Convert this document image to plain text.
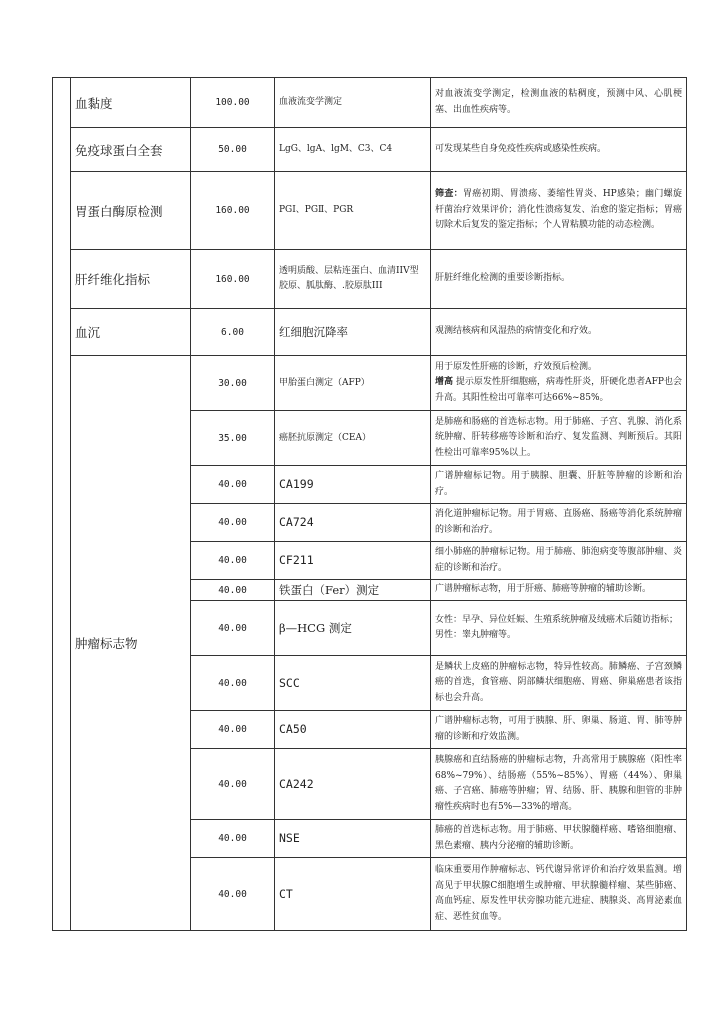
	血黏度	100.00	血液流变学测定	对血液流变学测定，检测血液的粘稠度，预测中风、心肌梗塞、出血性疾病等。
	免疫球蛋白全套	50.00	LgG、lgA、lgM、C3、C4	可发现某些自身免疫性疾病或感染性疾病。
	胃蛋白酶原检测	160.00	PGⅠ、PGⅡ、PGR	筛查：胃癌初期、胃溃疡、萎缩性胃炎、HP感染；幽门螺旋杆菌治疗效果评价；消化性溃疡复发、治愈的鉴定指标；胃癌切除术后复发的鉴定指标；个人胃粘膜功能的动态检测。
	肝纤维化指标	160.00	透明质酸、层粘连蛋白、血清IIV型胶原、胍肽酶、.胶原肽III	肝脏纤维化检测的重要诊断指标。
	血沉	6.00	红细胞沉降率	观测结核病和风湿热的病情变化和疗效。
	肿瘤标志物	30.00	甲胎蛋白测定（AFP）	用于原发性肝癌的诊断，疗效预后检测。
增高 提示原发性肝细胞癌，病毒性肝炎，肝硬化患者AFP也会升高。其阳性检出可靠率可达66%~85%。
		35.00	癌胚抗原测定（CEA）	是肺癌和肠癌的首选标志物。用于肺癌、子宫、乳腺、消化系统肿瘤、肝转移癌等诊断和治疗、复发监测、判断预后。其阳性检出可靠率95%以上。
		40.00	CA199	广谱肿瘤标记物。用于胰腺、胆囊、肝脏等肿瘤的诊断和治疗。
		40.00	CA724	消化道肿瘤标记物。用于胃癌、直肠癌、肠癌等消化系统肿瘤的诊断和治疗。
		40.00	CF211	细小肺癌的肿瘤标记物。用于肺癌、肺泡病变等腹部肿瘤、炎症的诊断和治疗。
		40.00	铁蛋白（Fer）测定	广谱肿瘤标志物，用于肝癌、肺癌等肿瘤的辅助诊断。
		40.00	β—HCG 测定	女性：早孕、异位妊娠、生殖系统肿瘤及绒癌术后随访指标；
男性：睾丸肿瘤等。
		40.00	SCC	是鳞状上皮癌的肿瘤标志物，特异性较高。肺鳞癌、子宫颈鳞癌的首选，食管癌、阴部鳞状细胞癌、胃癌、卵巢癌患者该指标也会升高。
		40.00	CA50	广谱肿瘤标志物，可用于胰腺、肝、卵巢、肠道、胃、肺等肿瘤的诊断和疗效监测。
		40.00	CA242	胰腺癌和直结肠癌的肿瘤标志物，升高常用于胰腺癌（阳性率68%~79%）、结肠癌（55%~85%）、胃癌（44%）、卵巢癌、子宫癌、肺癌等肿瘤；胃、结肠、肝、胰腺和胆管的非肿瘤性疾病时也有5%—33%的增高。
		40.00	NSE	肺癌的首选标志物。用于肺癌、甲状腺髓样癌、嗜铬细胞瘤、黑色素瘤、胰内分泌瘤的辅助诊断。
		40.00	CT	临床重要用作肿瘤标志、钙代谢异常评价和治疗效果监测。增高见于甲状腺C细胞增生或肿瘤、甲状腺髓样瘤、某些肺癌、高血钙症、原发性甲状旁腺功能亢进症、胰腺炎、高胃泌素血症、恶性贫血等。
